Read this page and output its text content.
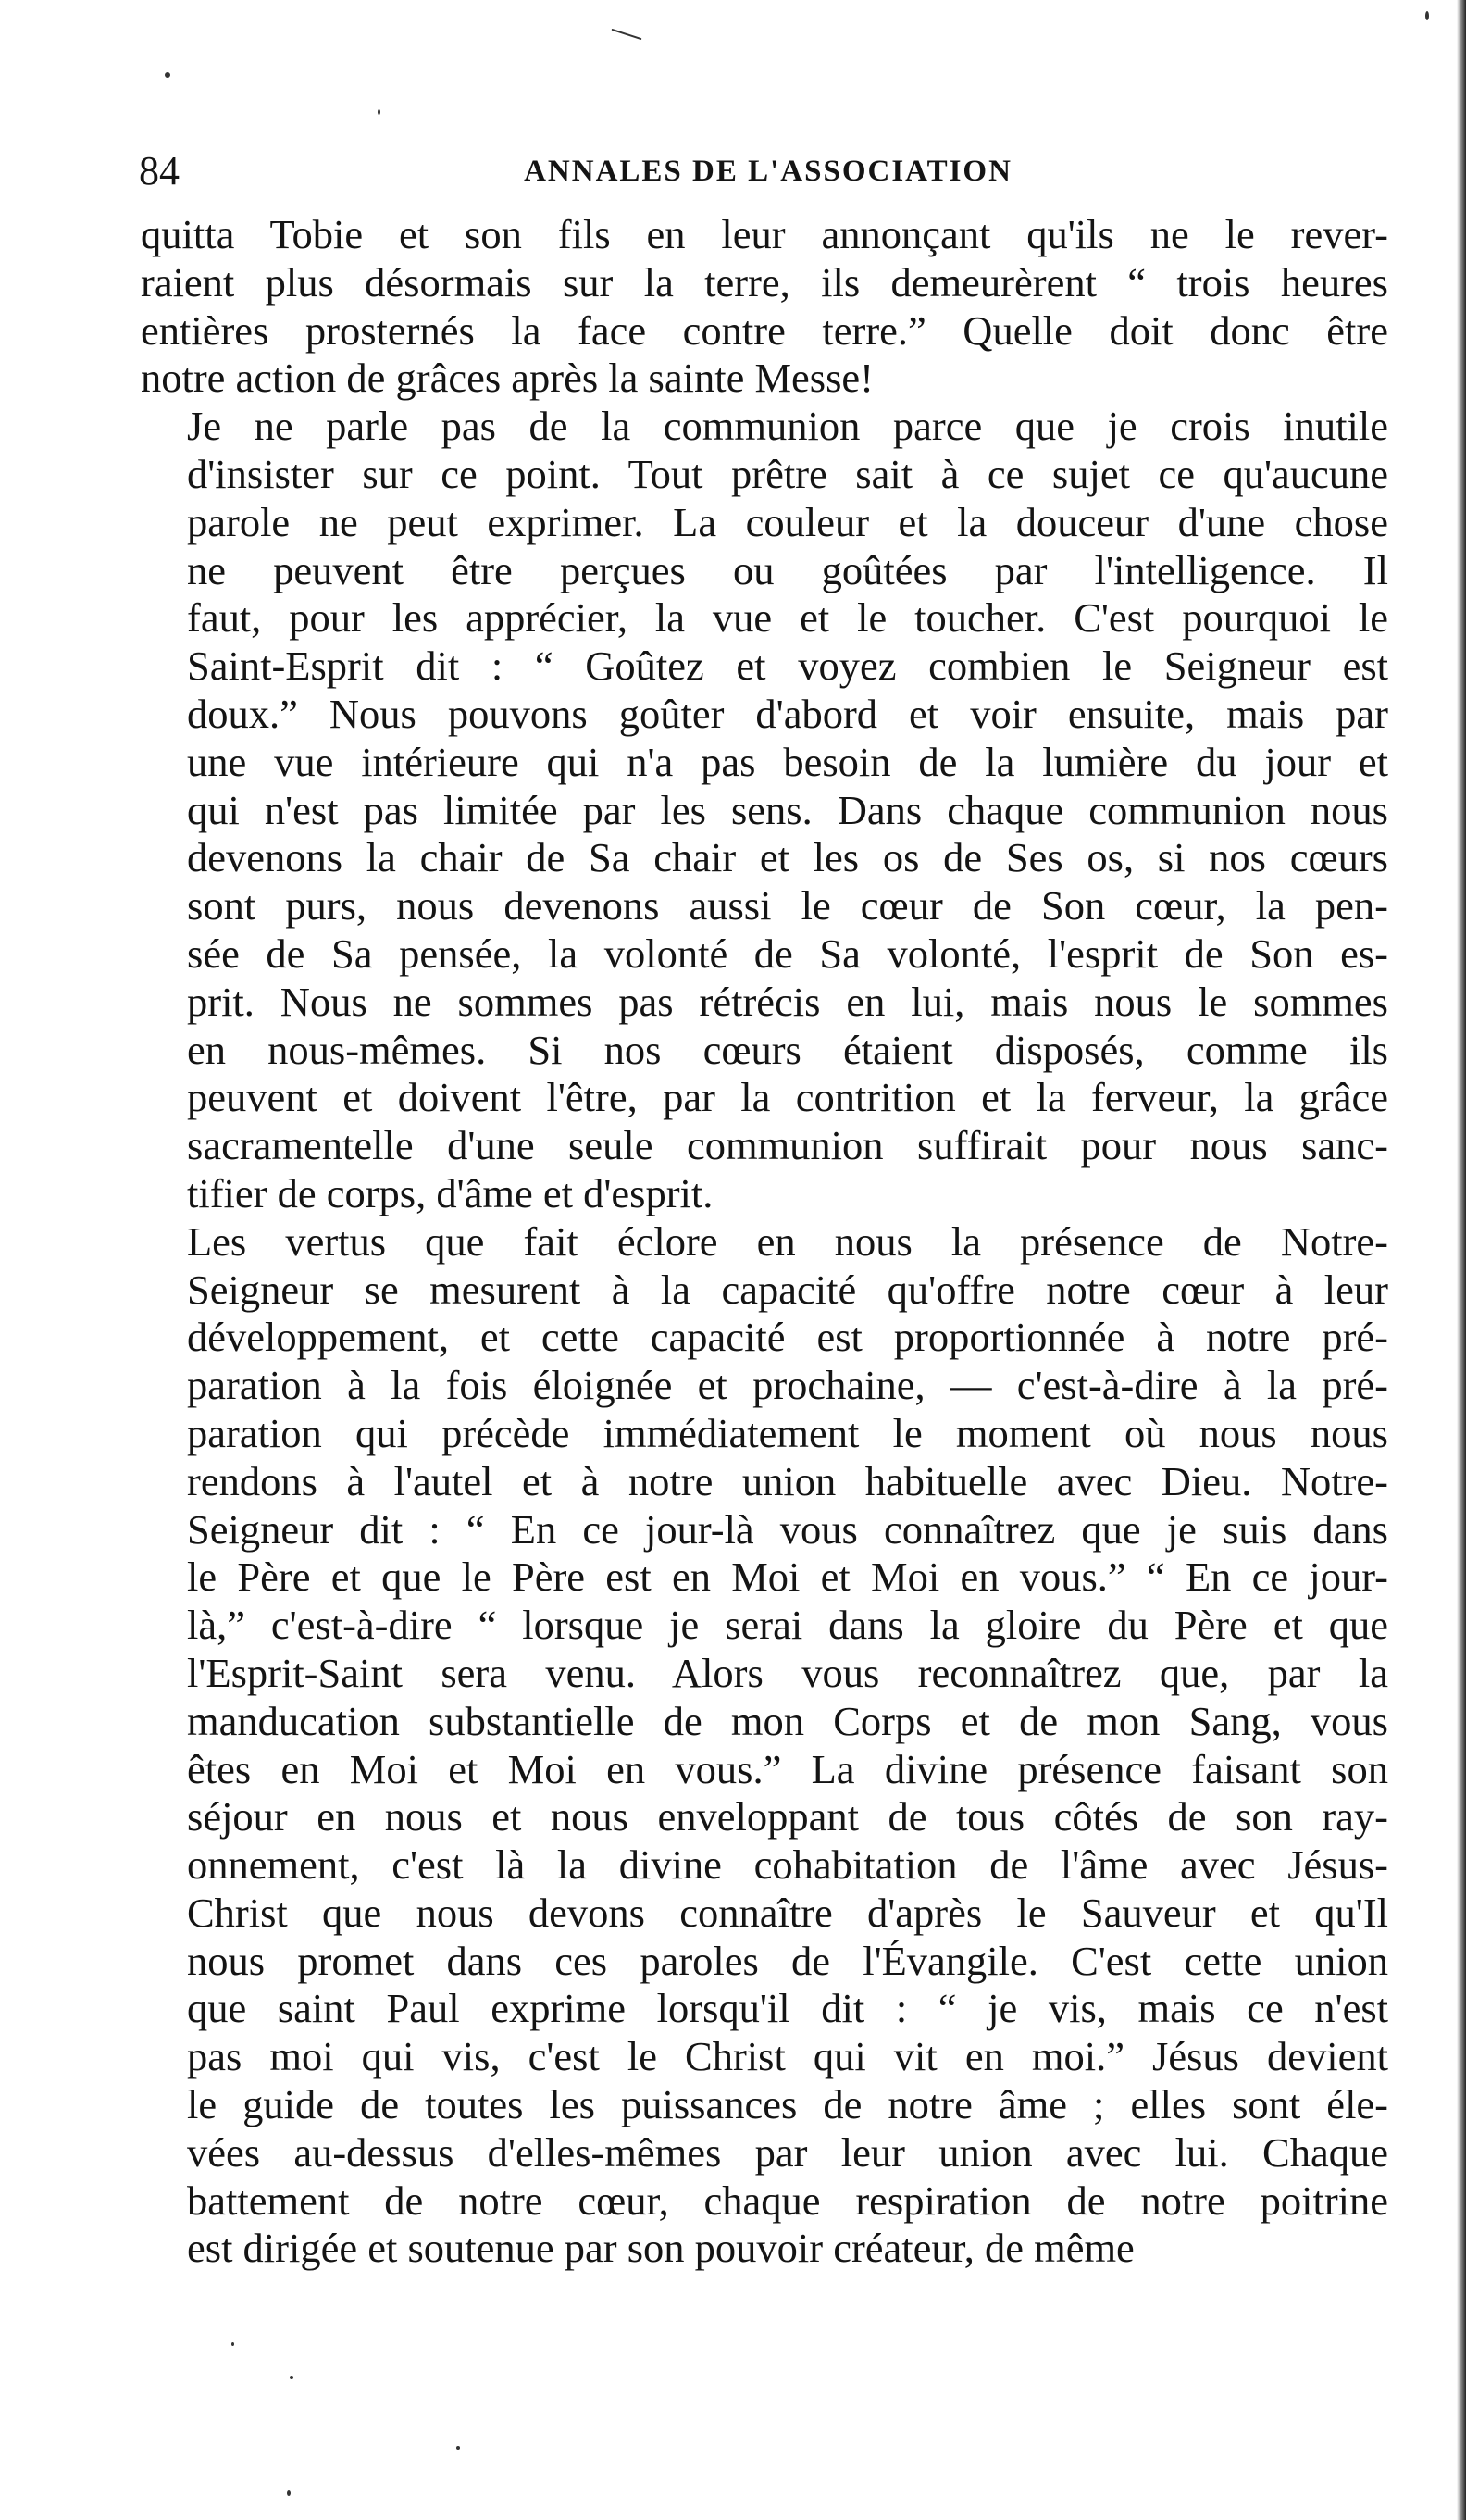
84	ANNALES DE L'ASSOCIATION

quitta Tobie et son fils en leur annonçant qu'ils ne le rever-
raient plus désormais sur la terre, ils demeurèrent “ trois heures
entières prosternés la face contre terre.” Quelle doit donc être
notre action de grâces après la sainte Messe!

Je ne parle pas de la communion parce que je crois inutile
d'insister sur ce point. Tout prêtre sait à ce sujet ce qu'aucune
parole ne peut exprimer. La couleur et la douceur d'une chose
ne peuvent être perçues ou goûtées par l'intelligence. Il
faut, pour les apprécier, la vue et le toucher. C'est pourquoi le
Saint-Esprit dit : “ Goûtez et voyez combien le Seigneur est
doux.” Nous pouvons goûter d'abord et voir ensuite, mais par
une vue intérieure qui n'a pas besoin de la lumière du jour et
qui n'est pas limitée par les sens. Dans chaque communion nous
devenons la chair de Sa chair et les os de Ses os, si nos cœurs
sont purs, nous devenons aussi le cœur de Son cœur, la pen-
sée de Sa pensée, la volonté de Sa volonté, l'esprit de Son es-
prit. Nous ne sommes pas rétrécis en lui, mais nous le sommes
en nous-mêmes. Si nos cœurs étaient disposés, comme ils
peuvent et doivent l'être, par la contrition et la ferveur, la grâce
sacramentelle d'une seule communion suffirait pour nous sanc-
tifier de corps, d'âme et d'esprit.

Les vertus que fait éclore en nous la présence de Notre-
Seigneur se mesurent à la capacité qu'offre notre cœur à leur
développement, et cette capacité est proportionnée à notre pré-
paration à la fois éloignée et prochaine, — c'est-à-dire à la pré-
paration qui précède immédiatement le moment où nous nous
rendons à l'autel et à notre union habituelle avec Dieu. Notre-
Seigneur dit : “ En ce jour-là vous connaîtrez que je suis dans
le Père et que le Père est en Moi et Moi en vous.” “ En ce jour-
là,” c'est-à-dire “ lorsque je serai dans la gloire du Père et que
l'Esprit-Saint sera venu. Alors vous reconnaîtrez que, par la
manducation substantielle de mon Corps et de mon Sang, vous
êtes en Moi et Moi en vous.” La divine présence faisant son
séjour en nous et nous enveloppant de tous côtés de son ray-
onnement, c'est là la divine cohabitation de l'âme avec Jésus-
Christ que nous devons connaître d'après le Sauveur et qu'Il
nous promet dans ces paroles de l'Évangile. C'est cette union
que saint Paul exprime lorsqu'il dit : “ je vis, mais ce n'est
pas moi qui vis, c'est le Christ qui vit en moi.” Jésus devient
le guide de toutes les puissances de notre âme ; elles sont éle-
vées au-dessus d'elles-mêmes par leur union avec lui. Chaque
battement de notre cœur, chaque respiration de notre poitrine
est dirigée et soutenue par son pouvoir créateur, de même
